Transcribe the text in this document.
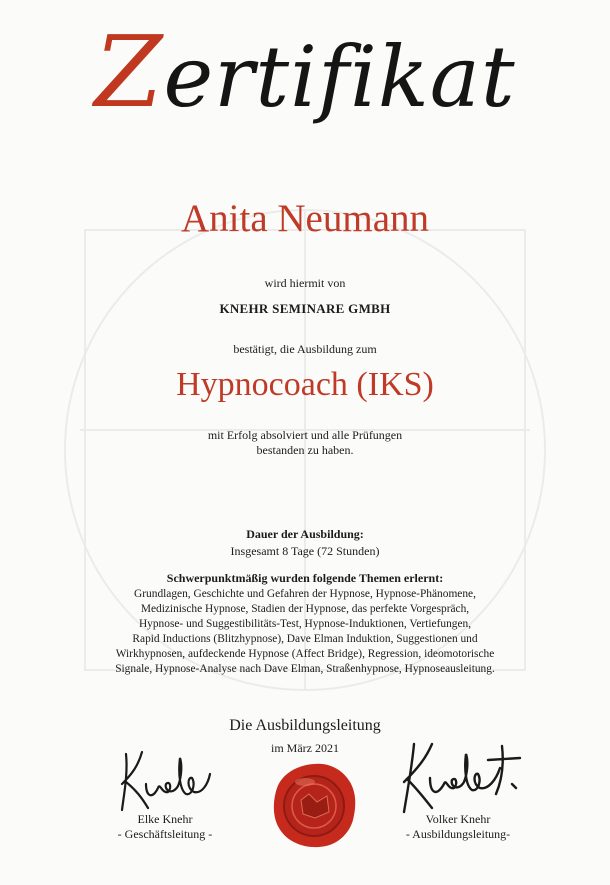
Zertifikat
Anita Neumann
wird hiermit von
KNEHR SEMINARE GMBH
bestätigt, die Ausbildung zum
Hypnocoach (IKS)
mit Erfolg absolviert und alle Prüfungen
bestanden zu haben.
Dauer der Ausbildung:
Insgesamt 8 Tage (72 Stunden)
Schwerpunktmäßig wurden folgende Themen erlernt:
Grundlagen, Geschichte und Gefahren der Hypnose, Hypnose-Phänomene,
Medizinische Hypnose, Stadien der Hypnose, das perfekte Vorgespräch,
Hypnose- und Suggestibilitäts-Test, Hypnose-Induktionen, Vertiefungen,
Rapid Inductions (Blitzhypnose), Dave Elman Induktion, Suggestionen und
Wirkhypnosen, aufdeckende Hypnose (Affect Bridge), Regression, ideomotorische
Signale, Hypnose-Analyse nach Dave Elman, Straßenhypnose, Hypnoseausleitung.
Die Ausbildungsleitung
im März 2021
Elke Knehr
- Geschäftsleitung -
Volker Knehr
- Ausbildungsleitung-
